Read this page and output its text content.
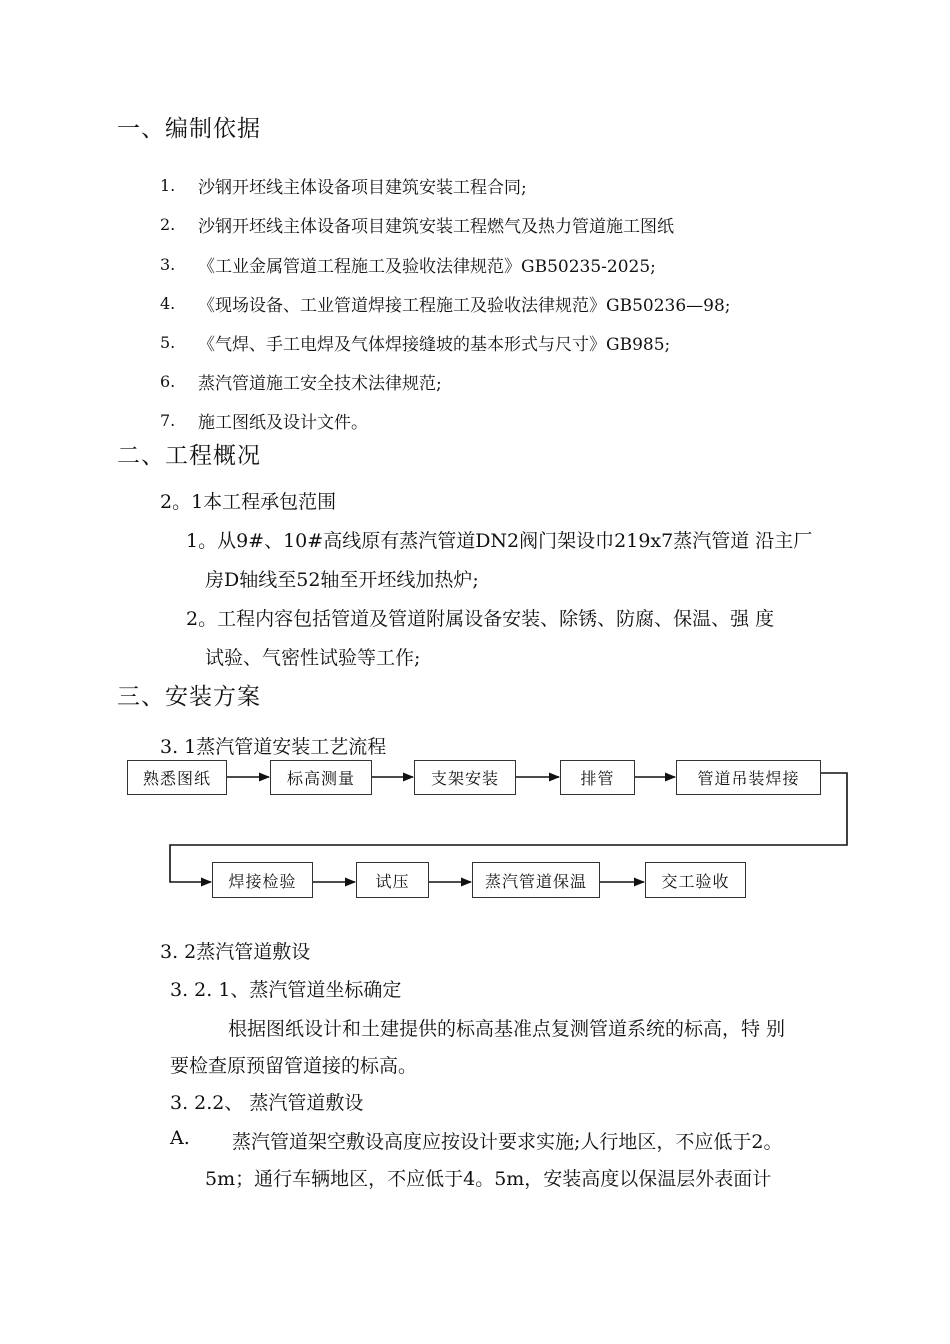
一、编制依据
1. 沙钢开坯线主体设备项目建筑安装工程合同;
2. 沙钢开坯线主体设备项目建筑安装工程燃气及热力管道施工图纸
3. 《工业金属管道工程施工及验收法律规范》GB50235-2025;
4. 《现场设备、工业管道焊接工程施工及验收法律规范》GB50236—98;
5. 《气焊、手工电焊及气体焊接缝坡的基本形式与尺寸》GB985;
6. 蒸汽管道施工安全技术法律规范;
7. 施工图纸及设计文件。
二、工程概况
2。1本工程承包范围
1。从9#、10#高线原有蒸汽管道DN2阀门架设巾219x7蒸汽管道 沿主厂
房D轴线至52轴至开坯线加热炉;
2。工程内容包括管道及管道附属设备安装、除锈、防腐、保温、强 度
试验、气密性试验等工作;
三、安装方案
3. 1蒸汽管道安装工艺流程
熟悉图纸	标高测量	支架安装	排管	管道吊装焊接
焊接检验	试压	蒸汽管道保温	交工验收
3. 2蒸汽管道敷设
3. 2. 1、蒸汽管道坐标确定
根据图纸设计和土建提供的标高基准点复测管道系统的标高，特 别
要检查原预留管道接的标高。
3. 2.2、 蒸汽管道敷设
A. 蒸汽管道架空敷设高度应按设计要求实施;人行地区，不应低于2。
5m；通行车辆地区，不应低于4。5m，安装高度以保温层外表面计
